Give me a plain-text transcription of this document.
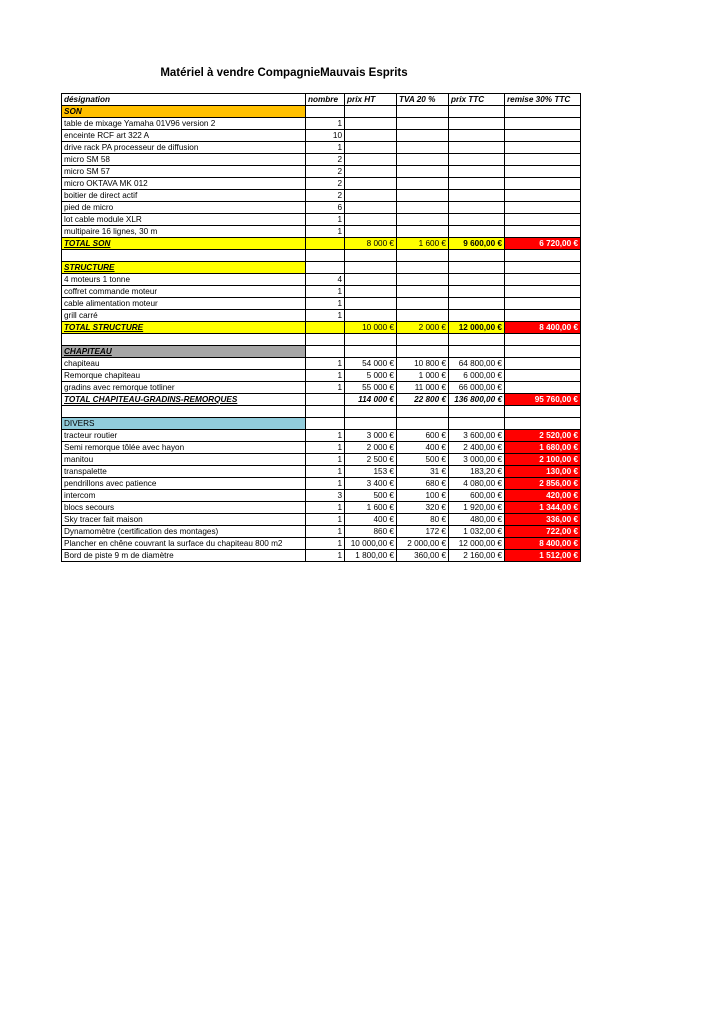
Matériel à vendre CompagnieMauvais Esprits
désignation	nombre	prix HT	TVA 20 %	prix TTC	remise 30% TTC
SON					
table de mixage Yamaha 01V96 version 2	1				
enceinte RCF art 322 A	10				
drive rack PA processeur de diffusion	1				
micro SM 58	2				
micro SM 57	2				
micro OKTAVA MK 012	2				
boitier de direct actif	2				
pied de micro	6				
lot cable module XLR	1				
multipaire 16 lignes, 30 m	1				
TOTAL SON		8 000 €	1 600 €	9 600,00 €	6 720,00 €

STRUCTURE					
4 moteurs 1 tonne	4				
coffret commande moteur	1				
cable alimentation moteur	1				
grill carré	1				
TOTAL STRUCTURE		10 000 €	2 000 €	12 000,00 €	8 400,00 €

CHAPITEAU					
chapiteau	1	54 000 €	10 800 €	64 800,00 €	
Remorque chapiteau	1	5 000 €	1 000 €	6 000,00 €	
gradins avec remorque totliner	1	55 000 €	11 000 €	66 000,00 €	
TOTAL CHAPITEAU-GRADINS-REMORQUES		114 000 €	22 800 €	136 800,00 €	95 760,00 €

DIVERS					
tracteur routier	1	3 000 €	600 €	3 600,00 €	2 520,00 €
Semi remorque tôlée avec hayon	1	2 000 €	400 €	2 400,00 €	1 680,00 €
manitou	1	2 500 €	500 €	3 000,00 €	2 100,00 €
transpalette	1	153 €	31 €	183,20 €	130,00 €
pendrillons avec patience	1	3 400 €	680 €	4 080,00 €	2 856,00 €
intercom	3	500 €	100 €	600,00 €	420,00 €
blocs secours	1	1 600 €	320 €	1 920,00 €	1 344,00 €
Sky tracer fait maison	1	400 €	80 €	480,00 €	336,00 €
Dynamomètre (certification des montages)	1	860 €	172 €	1 032,00 €	722,00 €
Plancher en chêne couvrant la surface du chapiteau 800 m2	1	10 000,00 €	2 000,00 €	12 000,00 €	8 400,00 €
Bord de piste 9 m de diamètre	1	1 800,00 €	360,00 €	2 160,00 €	1 512,00 €
